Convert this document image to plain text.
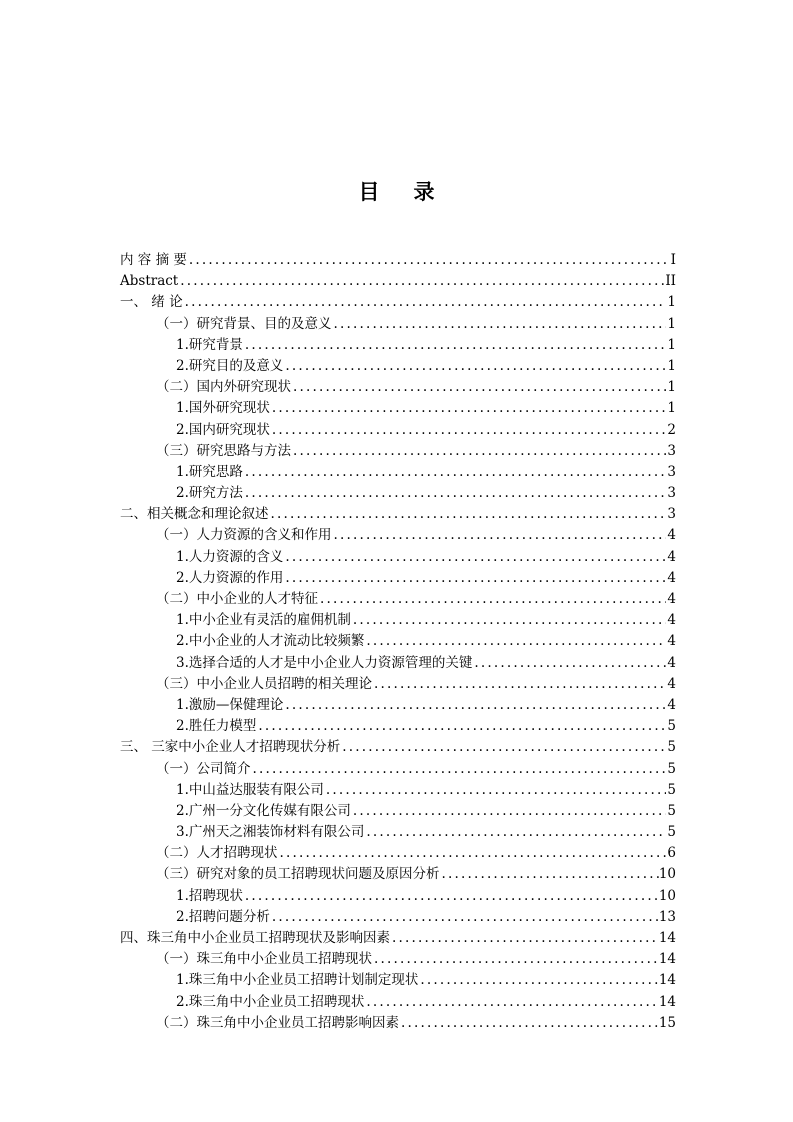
目 录
内 容 摘 要 .....	I
Abstract .....	II
一、 绪 论 .....	1
（一）研究背景、目的及意义 .....	1
1.研究背景 .....	1
2.研究目的及意义 .....	1
（二）国内外研究现状 .....	1
1.国外研究现状 .....	1
2.国内研究现状 .....	2
（三）研究思路与方法 .....	3
1.研究思路 .....	3
2.研究方法 .....	3
二、相关概念和理论叙述 .....	3
（一）人力资源的含义和作用 .....	4
1.人力资源的含义 .....	4
2.人力资源的作用 .....	4
（二）中小企业的人才特征 .....	4
1.中小企业有灵活的雇佣机制 .....	4
2.中小企业的人才流动比较频繁 .....	4
3.选择合适的人才是中小企业人力资源管理的关键 .....	4
（三）中小企业人员招聘的相关理论 .....	4
1.激励—保健理论 .....	4
2.胜任力模型 .....	5
三、 三家中小企业人才招聘现状分析 .....	5
（一）公司简介 .....	5
1.中山益达服装有限公司 .....	5
2.广州一分文化传媒有限公司 .....	5
3.广州天之湘装饰材料有限公司 .....	5
（二）人才招聘现状 .....	6
（三）研究对象的员工招聘现状问题及原因分析 .....	10
1.招聘现状 .....	10
2.招聘问题分析 .....	13
四、珠三角中小企业员工招聘现状及影响因素 .....	14
（一）珠三角中小企业员工招聘现状 .....	14
1.珠三角中小企业员工招聘计划制定现状 .....	14
2.珠三角中小企业员工招聘现状 .....	14
（二）珠三角中小企业员工招聘影响因素 .....	15
